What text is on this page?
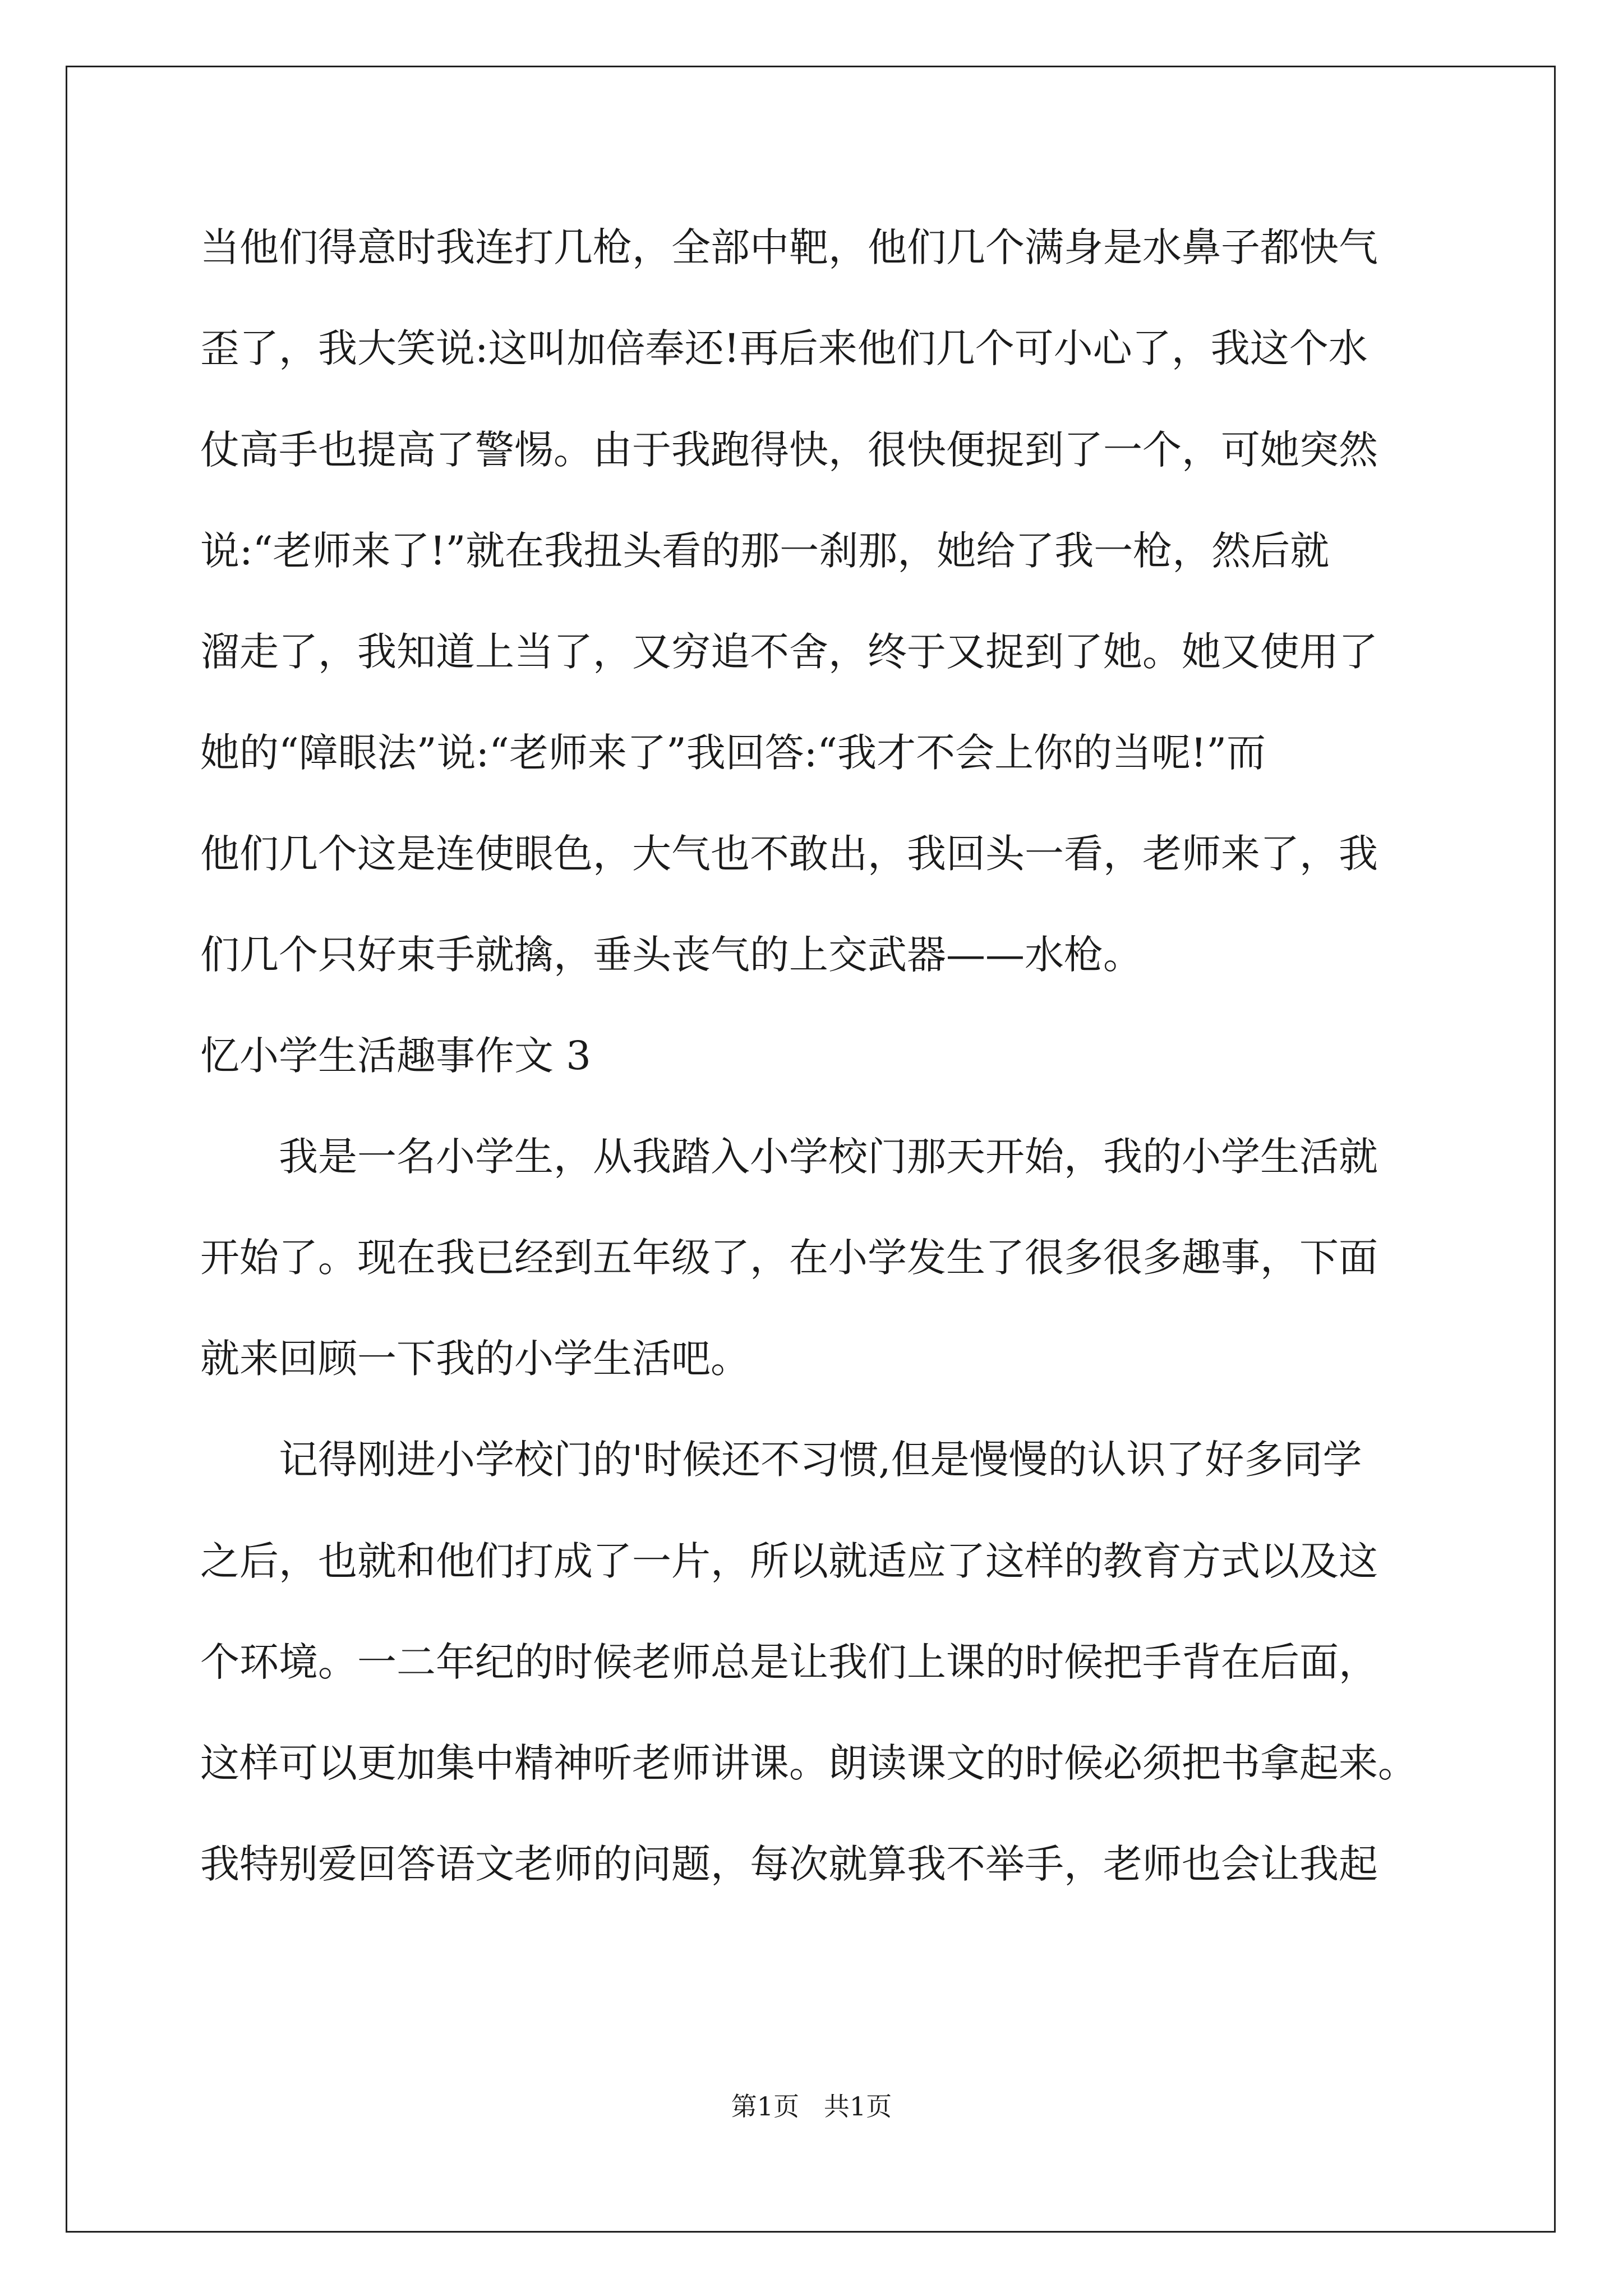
当他们得意时我连打几枪，全部中靶，他们几个满身是水鼻子都快气
歪了，我大笑说:这叫加倍奉还!再后来他们几个可小心了，我这个水
仗高手也提高了警惕。由于我跑得快，很快便捉到了一个，可她突然
说:“老师来了!”就在我扭头看的那一刹那，她给了我一枪，然后就
溜走了，我知道上当了，又穷追不舍，终于又捉到了她。她又使用了
她的“障眼法”说:“老师来了”我回答:“我才不会上你的当呢!”而
他们几个这是连使眼色，大气也不敢出，我回头一看，老师来了，我
们几个只好束手就擒，垂头丧气的上交武器——水枪。
忆小学生活趣事作文 3
我是一名小学生，从我踏入小学校门那天开始，我的小学生活就
开始了。现在我已经到五年级了，在小学发生了很多很多趣事，下面
就来回顾一下我的小学生活吧。
记得刚进小学校门的'时候还不习惯,但是慢慢的认识了好多同学
之后，也就和他们打成了一片，所以就适应了这样的教育方式以及这
个环境。一二年纪的时候老师总是让我们上课的时候把手背在后面，
这样可以更加集中精神听老师讲课。朗读课文的时候必须把书拿起来。
我特别爱回答语文老师的问题，每次就算我不举手，老师也会让我起
第1页   共1页
